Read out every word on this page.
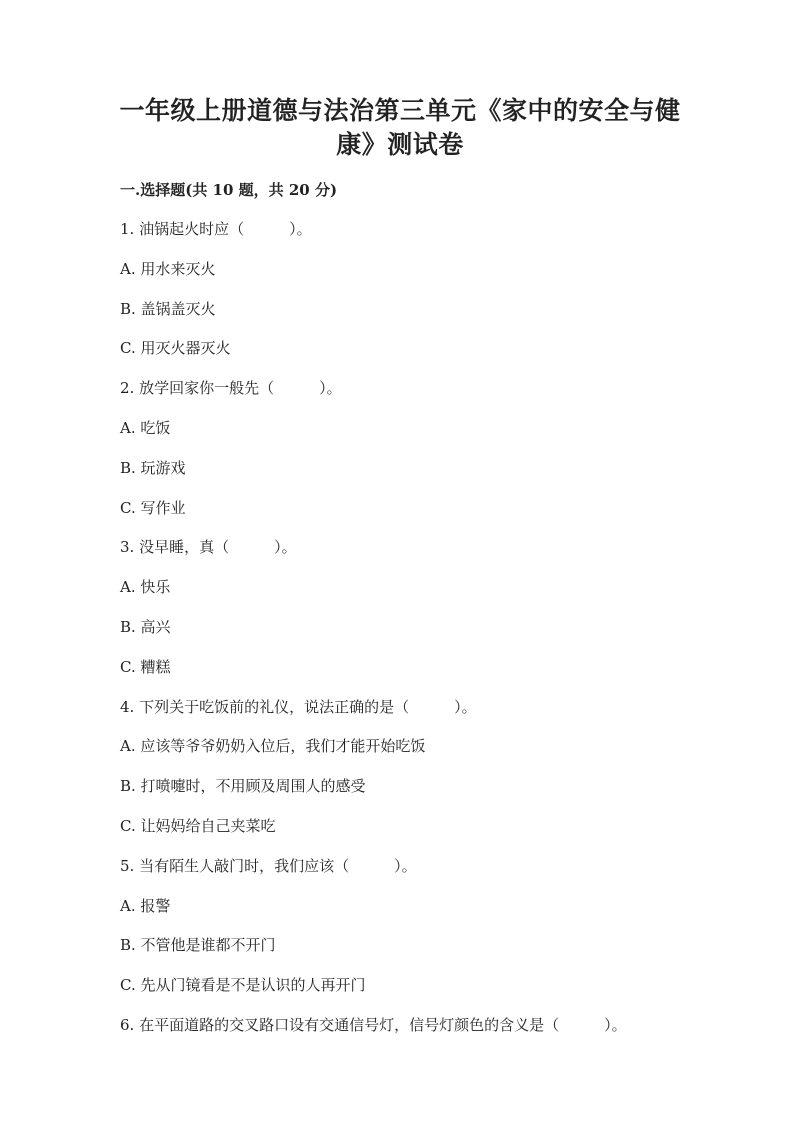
一年级上册道德与法治第三单元《家中的安全与健
康》测试卷
一.选择题(共 10 题，共 20 分)
1. 油锅起火时应（　　　）。
A. 用水来灭火
B. 盖锅盖灭火
C. 用灭火器灭火
2. 放学回家你一般先（　　　）。
A. 吃饭
B. 玩游戏
C. 写作业
3. 没早睡，真（　　　）。
A. 快乐
B. 高兴
C. 糟糕
4. 下列关于吃饭前的礼仪，说法正确的是（　　　）。
A. 应该等爷爷奶奶入位后，我们才能开始吃饭
B. 打喷嚏时，不用顾及周围人的感受
C. 让妈妈给自己夹菜吃
5. 当有陌生人敲门时，我们应该（　　　）。
A. 报警
B. 不管他是谁都不开门
C. 先从门镜看是不是认识的人再开门
6. 在平面道路的交叉路口设有交通信号灯，信号灯颜色的含义是（　　　）。
